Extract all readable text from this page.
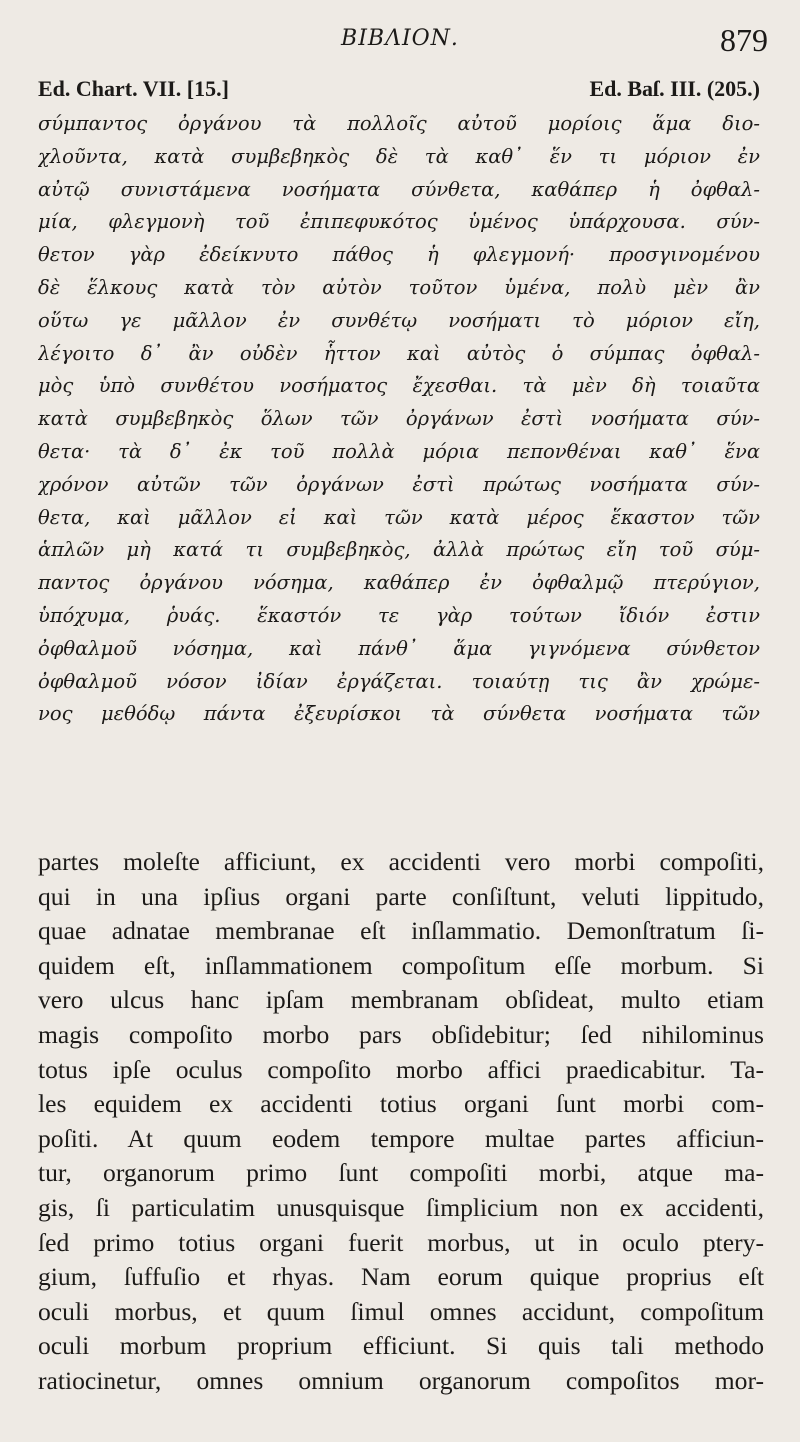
BIBΛΙΟΝ.	879
Ed. Chart. VII. [15.]	Ed. Baſ. III. (205.)
σύμπαντος ὀργάνου τὰ πολλοῖς αὐτοῦ μορίοις ἅμα διο-
χλοῦντα, κατὰ συμβεβηκὸς δὲ τὰ καθ᾽ ἕν τι μόριον ἐν
αὐτῷ συνιστάμενα νοσήματα σύνθετα, καθάπερ ἡ ὀφθαλ-
μία, φλεγμονὴ τοῦ ἐπιπεφυκότος ὑμένος ὑπάρχουσα. σύν-
θετον γὰρ ἐδείκνυτο πάθος ἡ φλεγμονή· προσγινομένου
δὲ ἕλκους κατὰ τὸν αὐτὸν τοῦτον ὑμένα, πολὺ μὲν ἂν
οὕτω γε μᾶλλον ἐν συνθέτῳ νοσήματι τὸ μόριον εἴη,
λέγοιτο δ᾽ ἂν οὐδὲν ἧττον καὶ αὐτὸς ὁ σύμπας ὀφθαλ-
μὸς ὑπὸ συνθέτου νοσήματος ἔχεσθαι. τὰ μὲν δὴ τοιαῦτα
κατὰ συμβεβηκὸς ὅλων τῶν ὀργάνων ἐστὶ νοσήματα σύν-
θετα· τὰ δ᾽ ἐκ τοῦ πολλὰ μόρια πεπονθέναι καθ᾽ ἕνα
χρόνον αὐτῶν τῶν ὀργάνων ἐστὶ πρώτως νοσήματα σύν-
θετα, καὶ μᾶλλον εἰ καὶ τῶν κατὰ μέρος ἕκαστον τῶν
ἁπλῶν μὴ κατά τι συμβεβηκὸς, ἀλλὰ πρώτως εἴη τοῦ σύμ-
παντος ὀργάνου νόσημα, καθάπερ ἐν ὀφθαλμῷ πτερύγιον,
ὑπόχυμα, ῥυάς. ἕκαστόν τε γὰρ τούτων ἴδιόν ἐστιν
ὀφθαλμοῦ νόσημα, καὶ πάνθ᾽ ἅμα γιγνόμενα σύνθετον
ὀφθαλμοῦ νόσον ἰδίαν ἐργάζεται. τοιαύτῃ τις ἂν χρώμε-
νος μεθόδῳ πάντα ἐξευρίσκοι τὰ σύνθετα νοσήματα τῶν
partes moleſte afficiunt, ex accidenti vero morbi compoſiti,
qui in una ipſius organi parte conſiſtunt, veluti lippitudo,
quae adnatae membranae eſt inſlammatio. Demonſtratum ſi-
quidem eſt, inſlammationem compoſitum eſſe morbum. Si
vero ulcus hanc ipſam membranam obſideat, multo etiam
magis compoſito morbo pars obſidebitur; ſed nihilominus
totus ipſe oculus compoſito morbo affici praedicabitur. Ta-
les equidem ex accidenti totius organi ſunt morbi com-
poſiti. At quum eodem tempore multae partes afficiun-
tur, organorum primo ſunt compoſiti morbi, atque ma-
gis, ſi particulatim unusquisque ſimplicium non ex accidenti,
ſed primo totius organi fuerit morbus, ut in oculo ptery-
gium, ſuffuſio et rhyas. Nam eorum quique proprius eſt
oculi morbus, et quum ſimul omnes accidunt, compoſitum
oculi morbum proprium efficiunt. Si quis tali methodo
ratiocinetur, omnes omnium organorum compoſitos mor-
